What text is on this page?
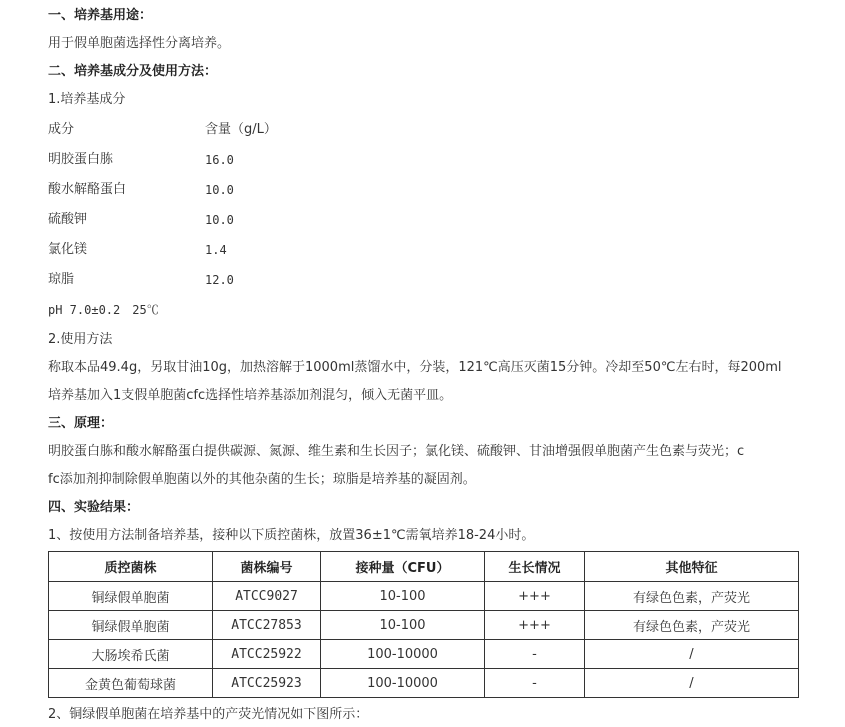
一、培养基用途：
用于假单胞菌选择性分离培养。
二、培养基成分及使用方法：
1.培养基成分
成分	含量（g/L）
明胶蛋白胨	16.0
酸水解酪蛋白	10.0
硫酸钾	10.0
氯化镁	1.4
琼脂	12.0
pH 7.0±0.2　25℃
2.使用方法
称取本品49.4g，另取甘油10g，加热溶解于1000ml蒸馏水中，分装，121℃高压灭菌15分钟。冷却至50℃左右时，每200ml
培养基加入1支假单胞菌cfc选择性培养基添加剂混匀，倾入无菌平皿。
三、原理：
明胶蛋白胨和酸水解酪蛋白提供碳源、氮源、维生素和生长因子；氯化镁、硫酸钾、甘油增强假单胞菌产生色素与荧光；c
fc添加剂抑制除假单胞菌以外的其他杂菌的生长；琼脂是培养基的凝固剂。
四、实验结果：
1、按使用方法制备培养基，接种以下质控菌株，放置36±1℃需氧培养18-24小时。
质控菌株	菌株编号	接种量（CFU）	生长情况	其他特征
铜绿假单胞菌	ATCC9027	10-100	+++	有绿色色素，产荧光
铜绿假单胞菌	ATCC27853	10-100	+++	有绿色色素，产荧光
大肠埃希氏菌	ATCC25922	100-10000	-	/
金黄色葡萄球菌	ATCC25923	100-10000	-	/
2、铜绿假单胞菌在培养基中的产荧光情况如下图所示：
